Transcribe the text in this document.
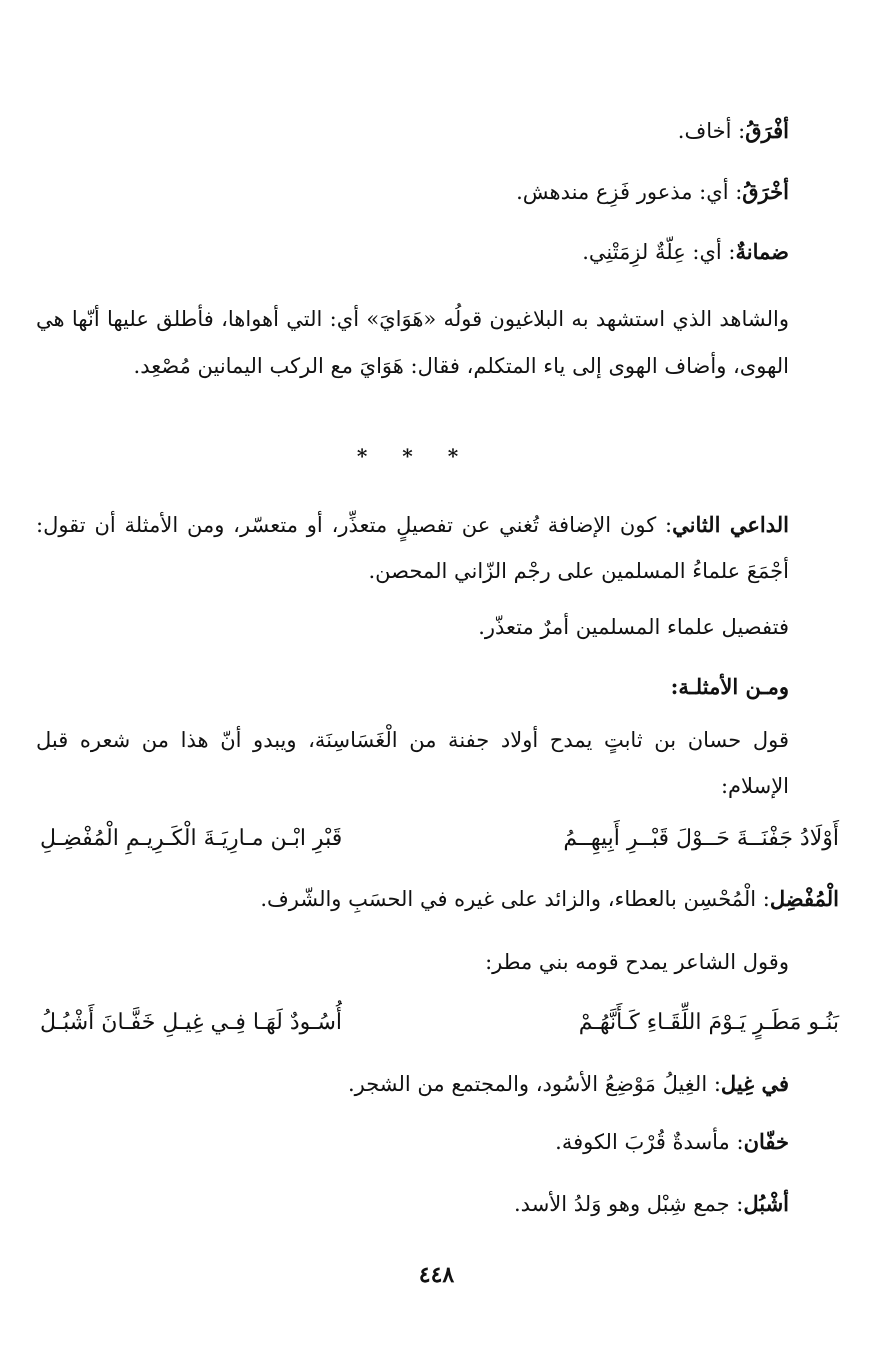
أفْرَقُ: أخاف.
أخْرَقُ: أي: مذعور فَزِع مندهش.
ضمانةٌ: أي: عِلّةٌ لزِمَتْنِي.
والشاهد الذي استشهد به البلاغيون قولُه «هَوَايَ» أي: التي أهواها، فأطلق عليها أنّها هي الهوى، وأضاف الهوى إلى ياء المتكلم، فقال: هَوَايَ مع الركب اليمانين مُصْعِد.
* * *
الداعي الثاني: كون الإضافة تُغني عن تفصيلٍ متعذِّر، أو متعسّر، ومن الأمثلة أن تقول: أجْمَعَ علماءُ المسلمين على رجْم الزّاني المحصن.
فتفصيل علماء المسلمين أمرٌ متعذّر.
ومـن الأمثلـة:
قول حسان بن ثابتٍ يمدح أولاد جفنة من الْغَسَاسِنَة، ويبدو أنّ هذا من شعره قبل الإسلام:
أَوْلَادُ جَفْنَــةَ حَــوْلَ قَبْــرِ أَبِيهِــمُ
قَبْرِ ابْـن مـارِيَـةَ الْكَـرِيـمِ الْمُفْضِـلِ
الْمُفْضِل: الْمُحْسِن بالعطاء، والزائد على غيره في الحسَبِ والشّرف.
وقول الشاعر يمدح قومه بني مطر:
بَنُـو مَطَـرٍ يَـوْمَ اللِّقَـاءِ كَـأَنَّهُـمْ
أُسُـودٌ لَهَـا فِـي غِيـلِ خَفَّـانَ أَشْبُـلُ
في غِيل: الغِيلُ مَوْضِعُ الأسُود، والمجتمع من الشجر.
خفّان: مأسدةٌ قُرْبَ الكوفة.
أشْبُل: جمع شِبْل وهو وَلدُ الأسد.
٤٤٨
